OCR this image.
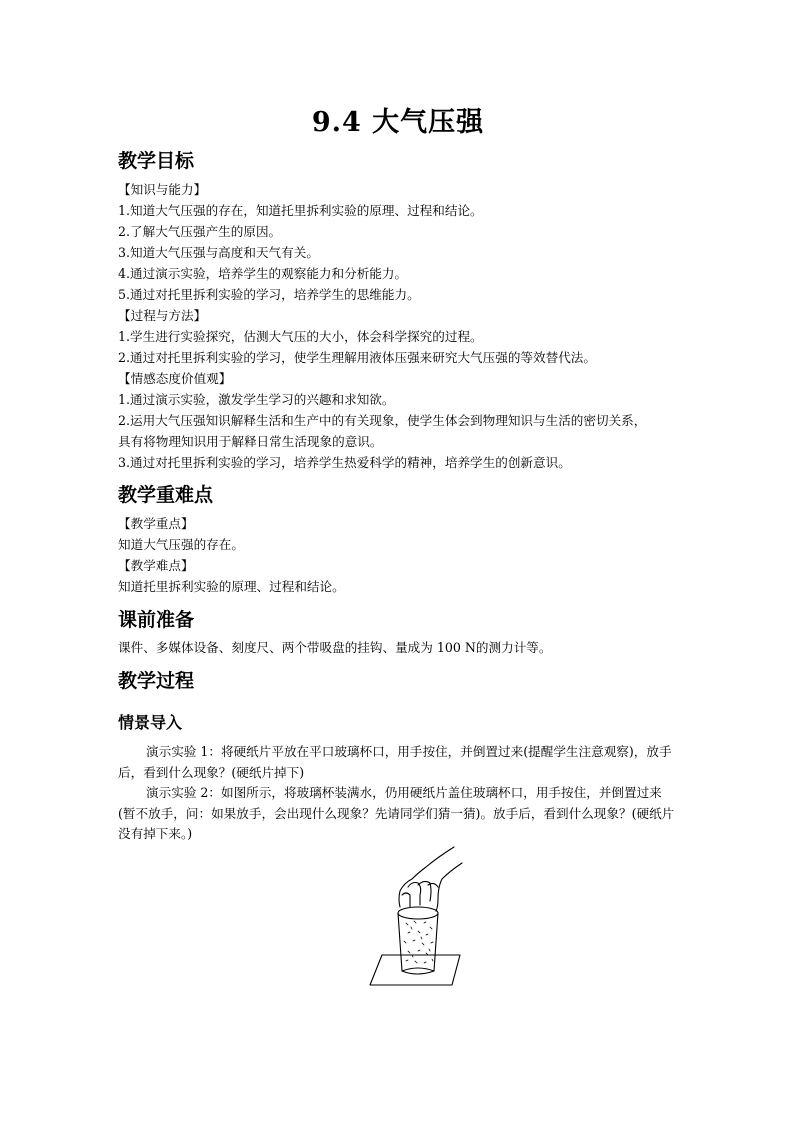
9.4 大气压强
教学目标
【知识与能力】
1.知道大气压强的存在，知道托里拆利实验的原理、过程和结论。
2.了解大气压强产生的原因。
3.知道大气压强与高度和天气有关。
4.通过演示实验，培养学生的观察能力和分析能力。
5.通过对托里拆利实验的学习，培养学生的思维能力。
【过程与方法】
1.学生进行实验探究，估测大气压的大小，体会科学探究的过程。
2.通过对托里拆利实验的学习，使学生理解用液体压强来研究大气压强的等效替代法。
【情感态度价值观】
1.通过演示实验，激发学生学习的兴趣和求知欲。
2.运用大气压强知识解释生活和生产中的有关现象，使学生体会到物理知识与生活的密切关系，
具有将物理知识用于解释日常生活现象的意识。
3.通过对托里拆利实验的学习，培养学生热爱科学的精神，培养学生的创新意识。
教学重难点
【教学重点】
知道大气压强的存在。
【教学难点】
知道托里拆利实验的原理、过程和结论。
课前准备
课件、多媒体设备、刻度尺、两个带吸盘的挂钩、量成为 100 N的测力计等。
教学过程
情景导入
演示实验 1：将硬纸片平放在平口玻璃杯口，用手按住，并倒置过来(提醒学生注意观察)，放手后，看到什么现象？(硬纸片掉下)
演示实验 2：如图所示，将玻璃杯装满水，仍用硬纸片盖住玻璃杯口，用手按住，并倒置过来(暂不放手，问：如果放手，会出现什么现象？先请同学们猜一猜)。放手后，看到什么现象？(硬纸片没有掉下来。)
